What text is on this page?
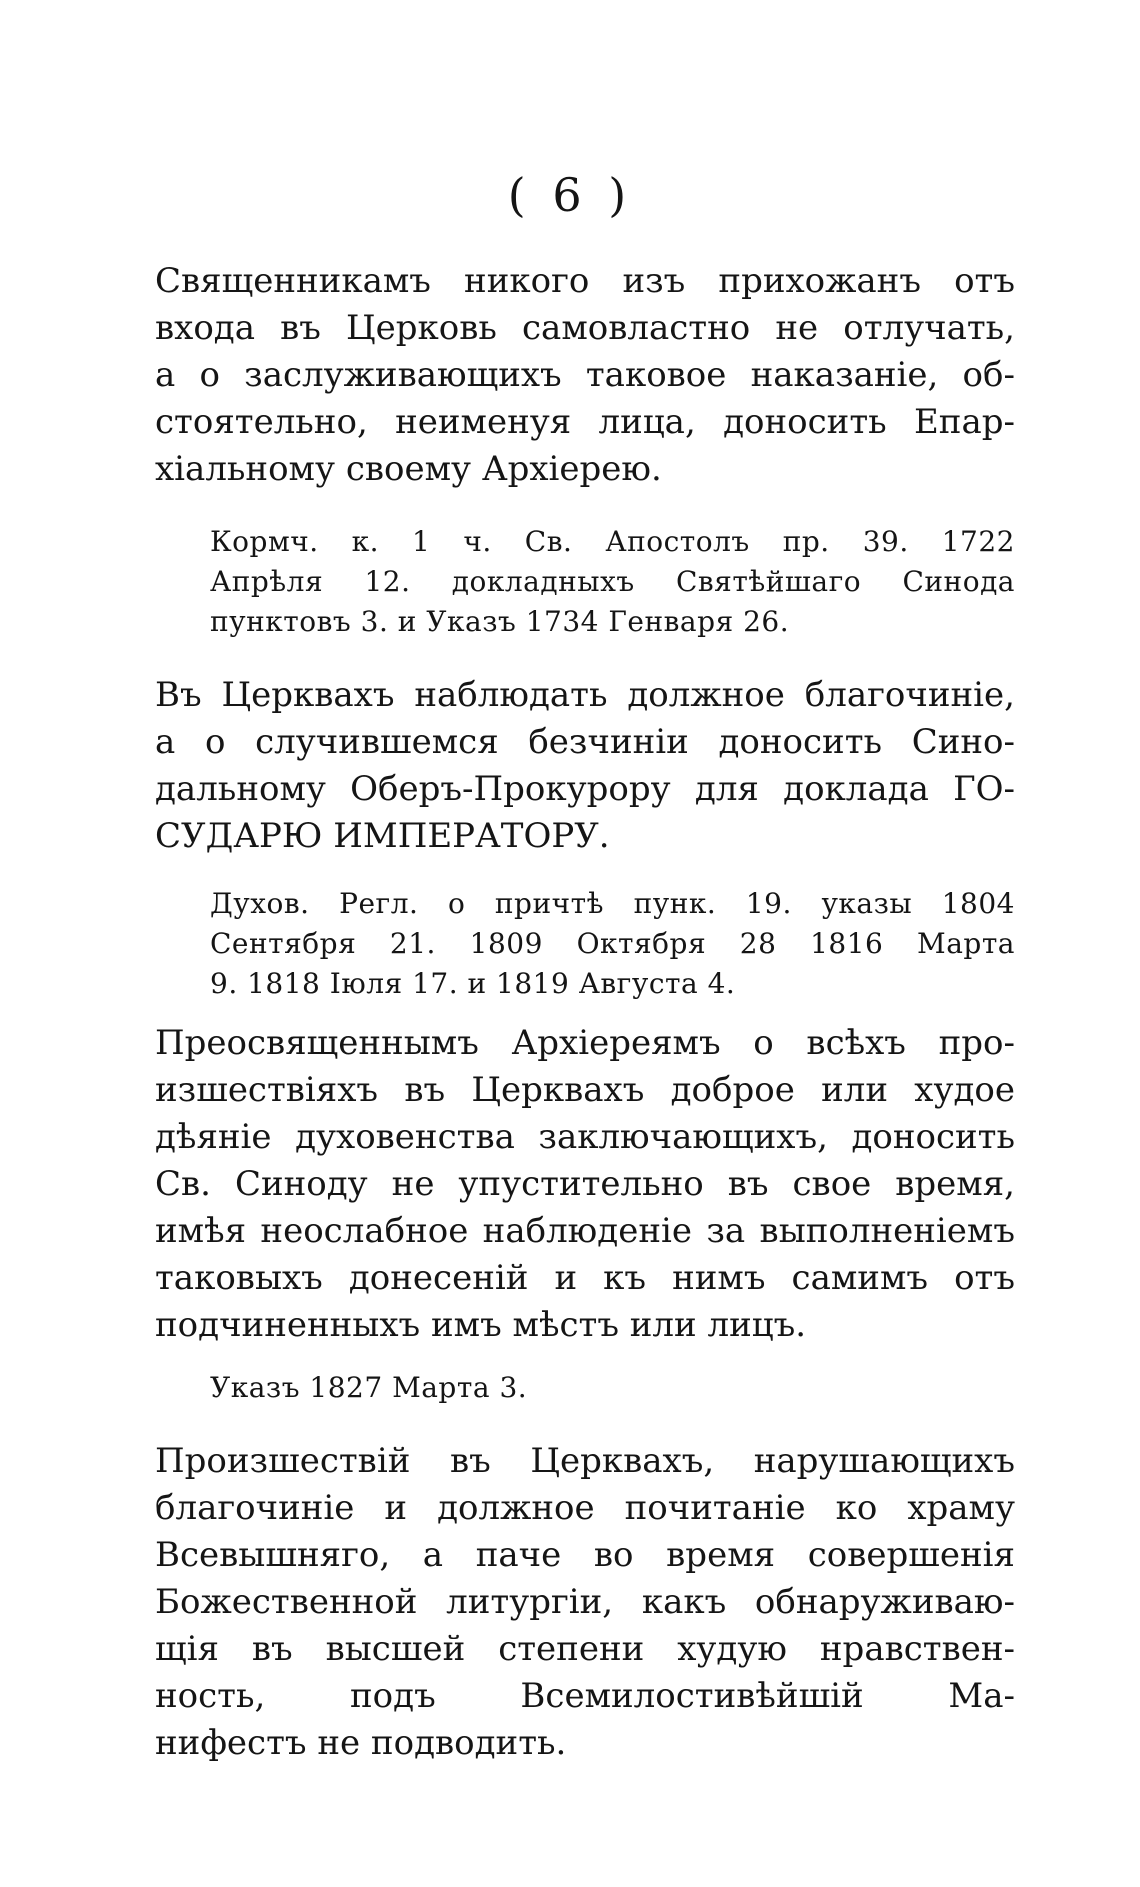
( 6 )
Священникамъ никого изъ прихожанъ отъ
входа въ Церковь самовластно не отлучать,
а о заслуживающихъ таковое наказаніе, об-
стоятельно, неименуя лица, доносить Епар-
хіальному своему Архіерею.
Кормч. к. 1 ч. Св. Апостолъ пр. 39. 1722
Апрѣля 12. докладныхъ Святѣйшаго Синода
пунктовъ 3. и Указъ 1734 Генваря 26.
Въ Церквахъ наблюдать должное благочиніе,
а о случившемся безчиніи доносить Сино-
дальному Оберъ-Прокурору для доклада ГО-
СУДАРЮ ИМПЕРАТОРУ.
Духов. Регл. о причтѣ пунк. 19. указы 1804
Сентября 21. 1809 Октября 28 1816 Марта
9. 1818 Іюля 17. и 1819 Августа 4.
Преосвященнымъ Архіереямъ о всѣхъ про-
изшествіяхъ въ Церквахъ доброе или худое
дѣяніе духовенства заключающихъ, доносить
Св. Синоду не упустительно въ свое время,
имѣя неослабное наблюденіе за выполненіемъ
таковыхъ донесеній и къ нимъ самимъ отъ
подчиненныхъ имъ мѣстъ или лицъ.
Указъ 1827 Марта 3.
Произшествій въ Церквахъ, нарушающихъ
благочиніе и должное почитаніе ко храму
Всевышняго, а паче во время совершенія
Божественной литургіи, какъ обнаруживаю-
щія въ высшей степени худую нравствен-
ность, подъ Всемилостивѣйшій Ма-
нифестъ не подводить.
